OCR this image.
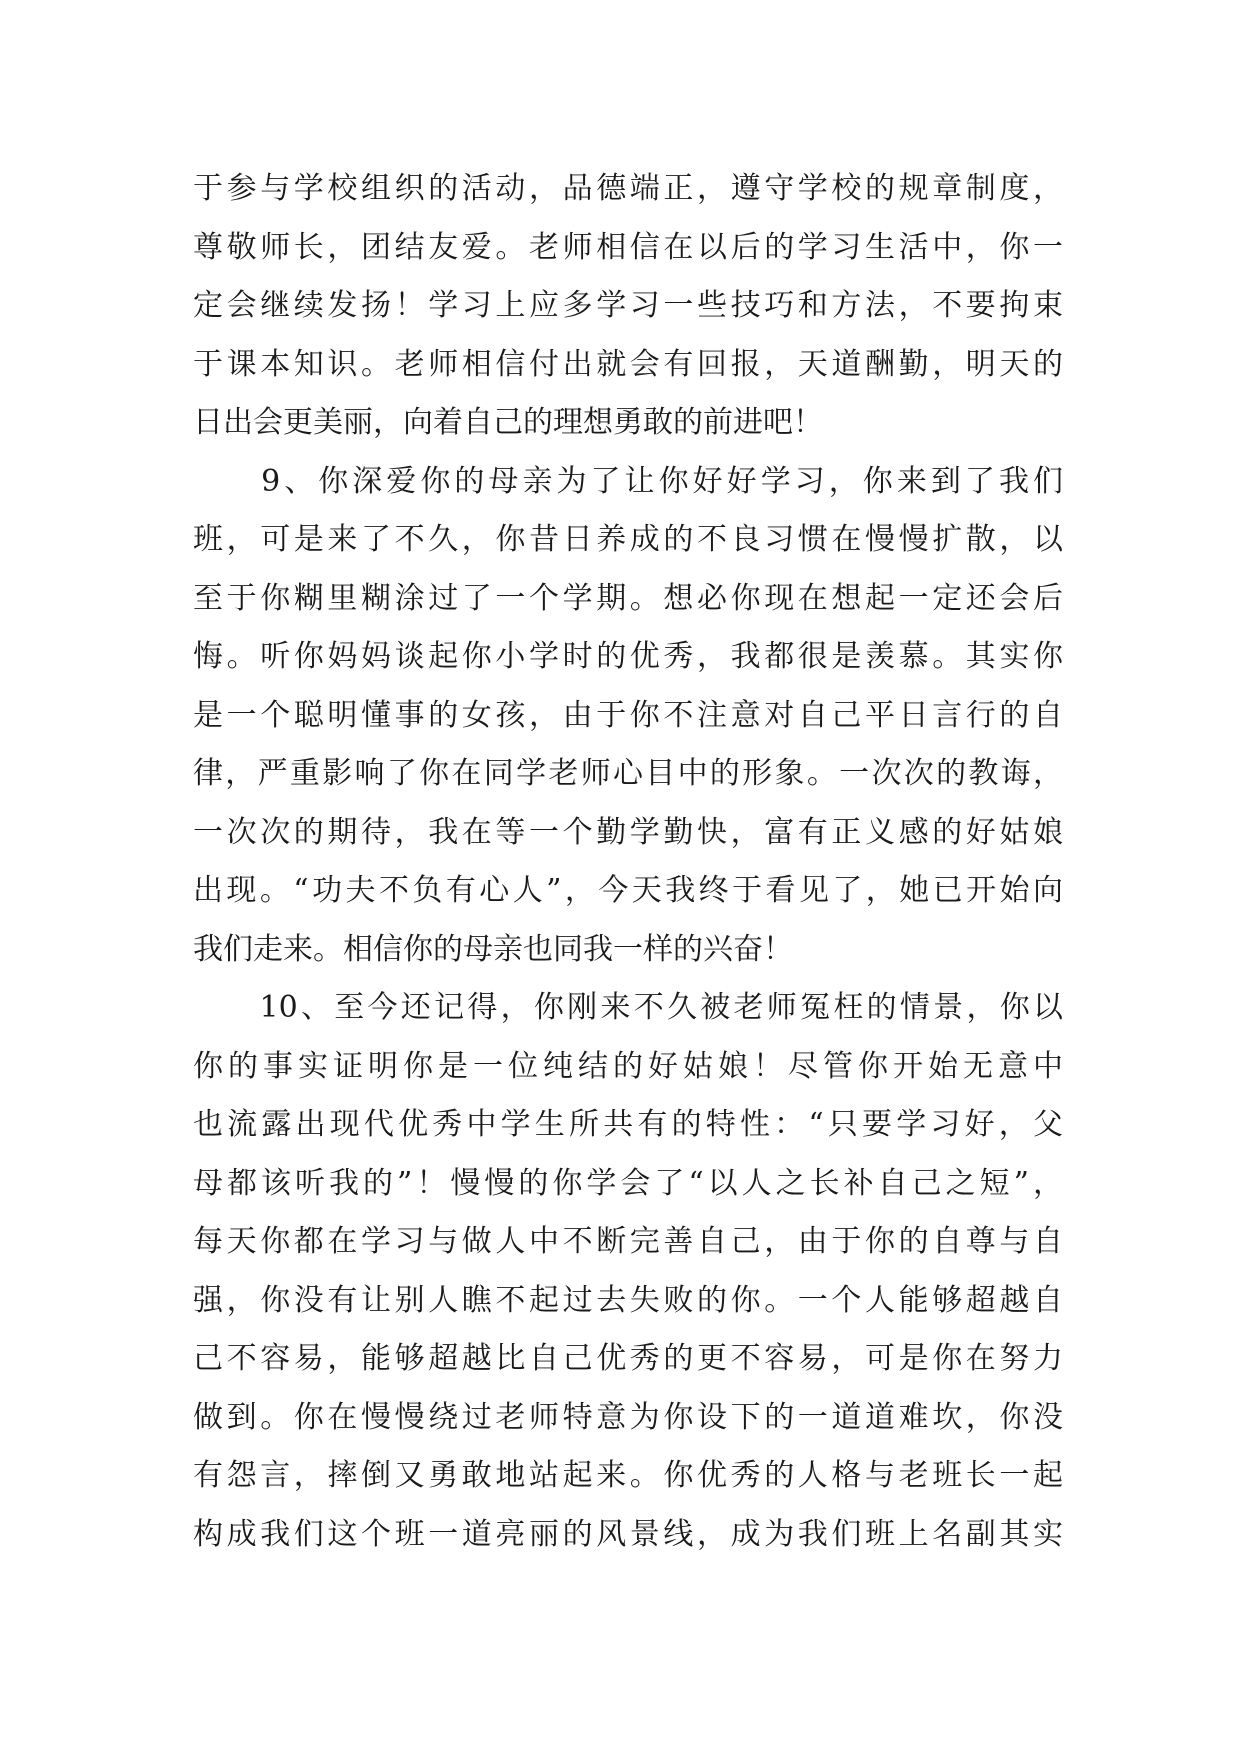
于参与学校组织的活动，品德端正，遵守学校的规章制度，
尊敬师长，团结友爱。老师相信在以后的学习生活中，你一
定会继续发扬！学习上应多学习一些技巧和方法，不要拘束
于课本知识。老师相信付出就会有回报，天道酬勤，明天的
日出会更美丽，向着自己的理想勇敢的前进吧！
　　9、你深爱你的母亲为了让你好好学习，你来到了我们
班，可是来了不久，你昔日养成的不良习惯在慢慢扩散，以
至于你糊里糊涂过了一个学期。想必你现在想起一定还会后
悔。听你妈妈谈起你小学时的优秀，我都很是羡慕。其实你
是一个聪明懂事的女孩，由于你不注意对自己平日言行的自
律，严重影响了你在同学老师心目中的形象。一次次的教诲，
一次次的期待，我在等一个勤学勤快，富有正义感的好姑娘
出现。“功夫不负有心人”，今天我终于看见了，她已开始向
我们走来。相信你的母亲也同我一样的兴奋！
　　10、至今还记得，你刚来不久被老师冤枉的情景，你以
你的事实证明你是一位纯结的好姑娘！尽管你开始无意中
也流露出现代优秀中学生所共有的特性：“只要学习好，父
母都该听我的”！慢慢的你学会了“以人之长补自己之短”，
每天你都在学习与做人中不断完善自己，由于你的自尊与自
强，你没有让别人瞧不起过去失败的你。一个人能够超越自
己不容易，能够超越比自己优秀的更不容易，可是你在努力
做到。你在慢慢绕过老师特意为你设下的一道道难坎，你没
有怨言，摔倒又勇敢地站起来。你优秀的人格与老班长一起
构成我们这个班一道亮丽的风景线，成为我们班上名副其实
